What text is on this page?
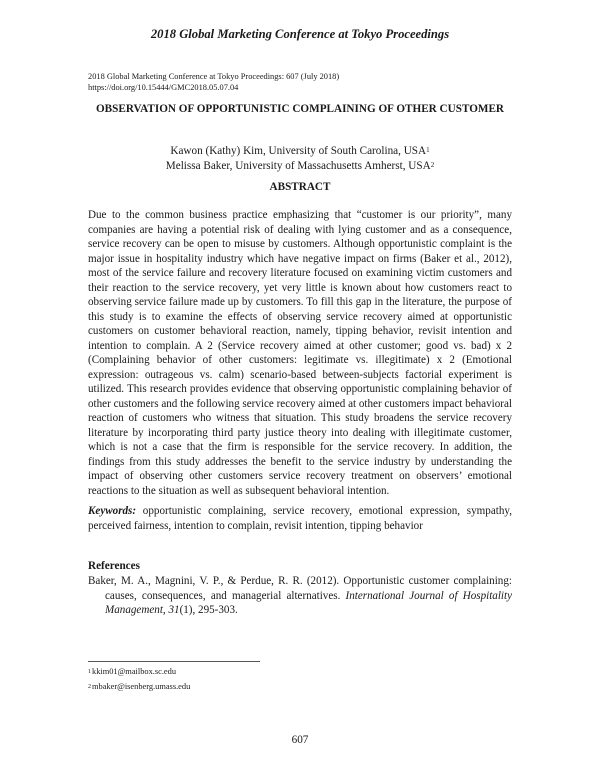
2018 Global Marketing Conference at Tokyo Proceedings
2018 Global Marketing Conference at Tokyo Proceedings: 607 (July 2018)
https://doi.org/10.15444/GMC2018.05.07.04
OBSERVATION OF OPPORTUNISTIC COMPLAINING OF OTHER CUSTOMER
Kawon (Kathy) Kim, University of South Carolina, USA$^1$
Melissa Baker, University of Massachusetts Amherst, USA$^2$
ABSTRACT
Due to the common business practice emphasizing that “customer is our priority”, many companies are having a potential risk of dealing with lying customer and as a consequence, service recovery can be open to misuse by customers. Although opportunistic complaint is the major issue in hospitality industry which have negative impact on firms (Baker et al., 2012), most of the service failure and recovery literature focused on examining victim customers and their reaction to the service recovery, yet very little is known about how customers react to observing service failure made up by customers. To fill this gap in the literature, the purpose of this study is to examine the effects of observing service recovery aimed at opportunistic customers on customer behavioral reaction, namely, tipping behavior, revisit intention and intention to complain. A 2 (Service recovery aimed at other customer; good vs. bad) x 2 (Complaining behavior of other customers: legitimate vs. illegitimate) x 2 (Emotional expression: outrageous vs. calm) scenario-based between-subjects factorial experiment is utilized. This research provides evidence that observing opportunistic complaining behavior of other customers and the following service recovery aimed at other customers impact behavioral reaction of customers who witness that situation. This study broadens the service recovery literature by incorporating third party justice theory into dealing with illegitimate customer, which is not a case that the firm is responsible for the service recovery. In addition, the findings from this study addresses the benefit to the service industry by understanding the impact of observing other customers service recovery treatment on observers’ emotional reactions to the situation as well as subsequent behavioral intention.
Keywords: opportunistic complaining, service recovery, emotional expression, sympathy, perceived fairness, intention to complain, revisit intention, tipping behavior
References
Baker, M. A., Magnini, V. P., & Perdue, R. R. (2012). Opportunistic customer complaining: causes, consequences, and managerial alternatives. International Journal of Hospitality Management, 31(1), 295-303.
$^1$kkim01@mailbox.sc.edu
$^2$mbaker@isenberg.umass.edu
607
